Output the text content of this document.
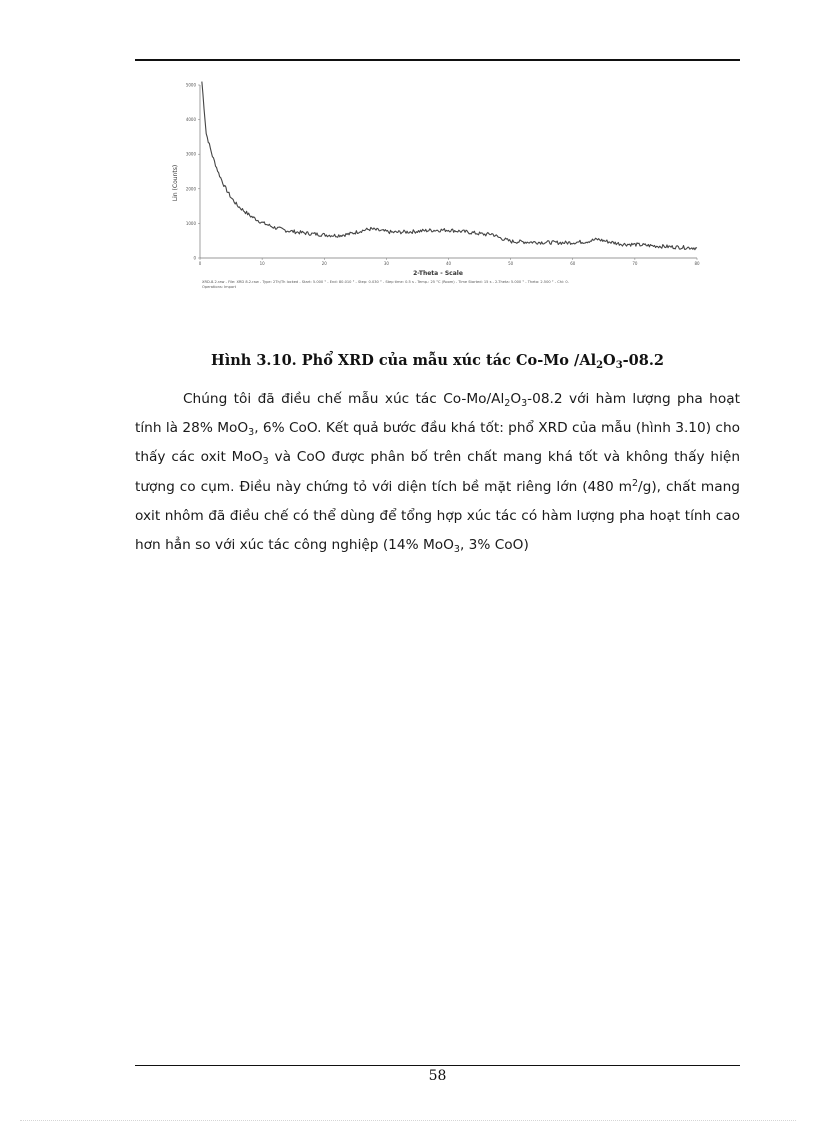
0
1000
2000
3000
4000
5000
0	10	20	30	40	50	60	70	80
Lin (Counts)
2-Theta - Scale
XRD-8.2.raw - File: XRD 8.2.raw - Type: 2Th/Th locked - Start: 5.000 ° - End: 80.010 ° - Step: 0.030 ° - Step time: 0.5 s - Temp.: 25 °C (Room) - Time Started: 15 s - 2-Theta: 5.000 ° - Theta: 2.500 ° - Chi: 0.
Operations: Import
Hình 3.10. Phổ XRD của mẫu xúc tác Co-Mo $/Al_2O_3-08.2$

Chúng tôi đã điều chế mẫu xúc tác $Co-Mo/Al_2O_3-08.2$ với hàm lượng pha hoạt tính là 28% MoO$_3$, 6% CoO. Kết quả bước đầu khá tốt: phổ XRD của mẫu (hình 3.10) cho thấy các oxit MoO$_3$ và CoO được phân bố trên chất mang khá tốt và không thấy hiện tượng co cụm. Điều này chứng tỏ với diện tích bề mặt riêng lớn (480 $m^2/g$), chất mang oxit nhôm đã điều chế có thể dùng để tổng hợp xúc tác có hàm lượng pha hoạt tính cao hơn hẳn so với xúc tác công nghiệp (14% MoO$_3$, 3% CoO)

58
